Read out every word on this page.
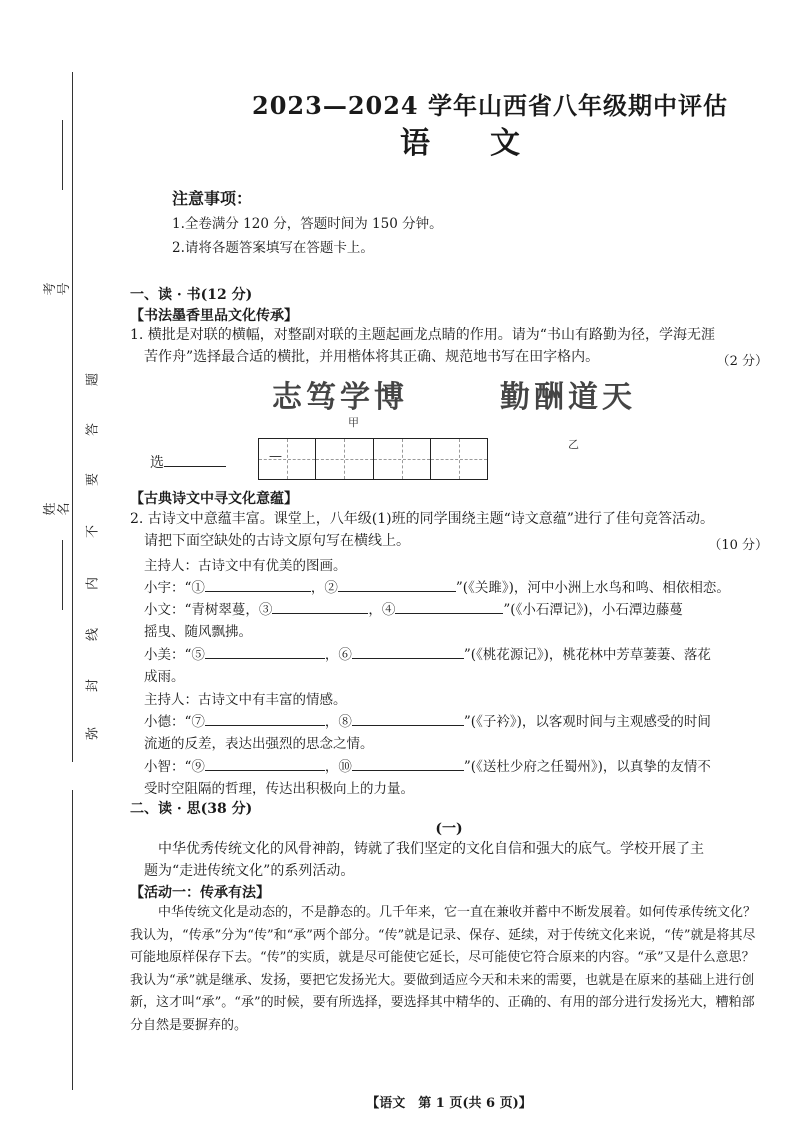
考号
姓名
题
答
要
不
内
线
封
弥
2023—2024 学年山西省八年级期中评估
语文
注意事项：
1.全卷满分 120 分，答题时间为 150 分钟。
2.请将各题答案填写在答题卡上。
一、读 · 书(12 分)
【书法墨香里品文化传承】
1. 横批是对联的横幅，对整副对联的主题起画龙点睛的作用。请为“书山有路勤为径，学海无涯
苦作舟”选择最合适的横批，并用楷体将其正确、规范地书写在田字格内。	（2 分）
志笃学博	勤酬道天
甲
乙
选	—
【古典诗文中寻文化意蕴】
2. 古诗文中意蕴丰富。课堂上，八年级(1)班的同学围绕主题“诗文意蕴”进行了佳句竞答活动。
请把下面空缺处的古诗文原句写在横线上。	（10 分）
主持人：古诗文中有优美的图画。
小宇：“①	，②	”(《关雎》)，河中小洲上水鸟和鸣、相依相恋。
小文：“青树翠蔓，③	，④	”(《小石潭记》)，小石潭边藤蔓
摇曳、随风飘拂。
小美：“⑤	，⑥	”(《桃花源记》)，桃花林中芳草萋萋、落花
成雨。
主持人：古诗文中有丰富的情感。
小德：“⑦	，⑧	”(《子衿》)，以客观时间与主观感受的时间
流逝的反差，表达出强烈的思念之情。
小智：“⑨	，⑩	”(《送杜少府之任蜀州》)，以真挚的友情不
受时空阻隔的哲理，传达出积极向上的力量。
二、读 · 思(38 分)
(一)
中华优秀传统文化的风骨神韵，铸就了我们坚定的文化自信和强大的底气。学校开展了主
题为“走进传统文化”的系列活动。
【活动一：传承有法】
中华传统文化是动态的，不是静态的。几千年来，它一直在兼收并蓄中不断发展着。如何传承传统文化？我认为，“传承”分为“传”和“承”两个部分。“传”就是记录、保存、延续，对于传统文化来说，“传”就是将其尽可能地原样保存下去。“传”的实质，就是尽可能使它延长，尽可能使它符合原来的内容。“承”又是什么意思？我认为“承”就是继承、发扬，要把它发扬光大。要做到适应今天和未来的需要，也就是在原来的基础上进行创新，这才叫“承”。“承”的时候，要有所选择，要选择其中精华的、正确的、有用的部分进行发扬光大，糟粕部分自然是要摒弃的。
【语文　第 1 页(共 6 页)】
